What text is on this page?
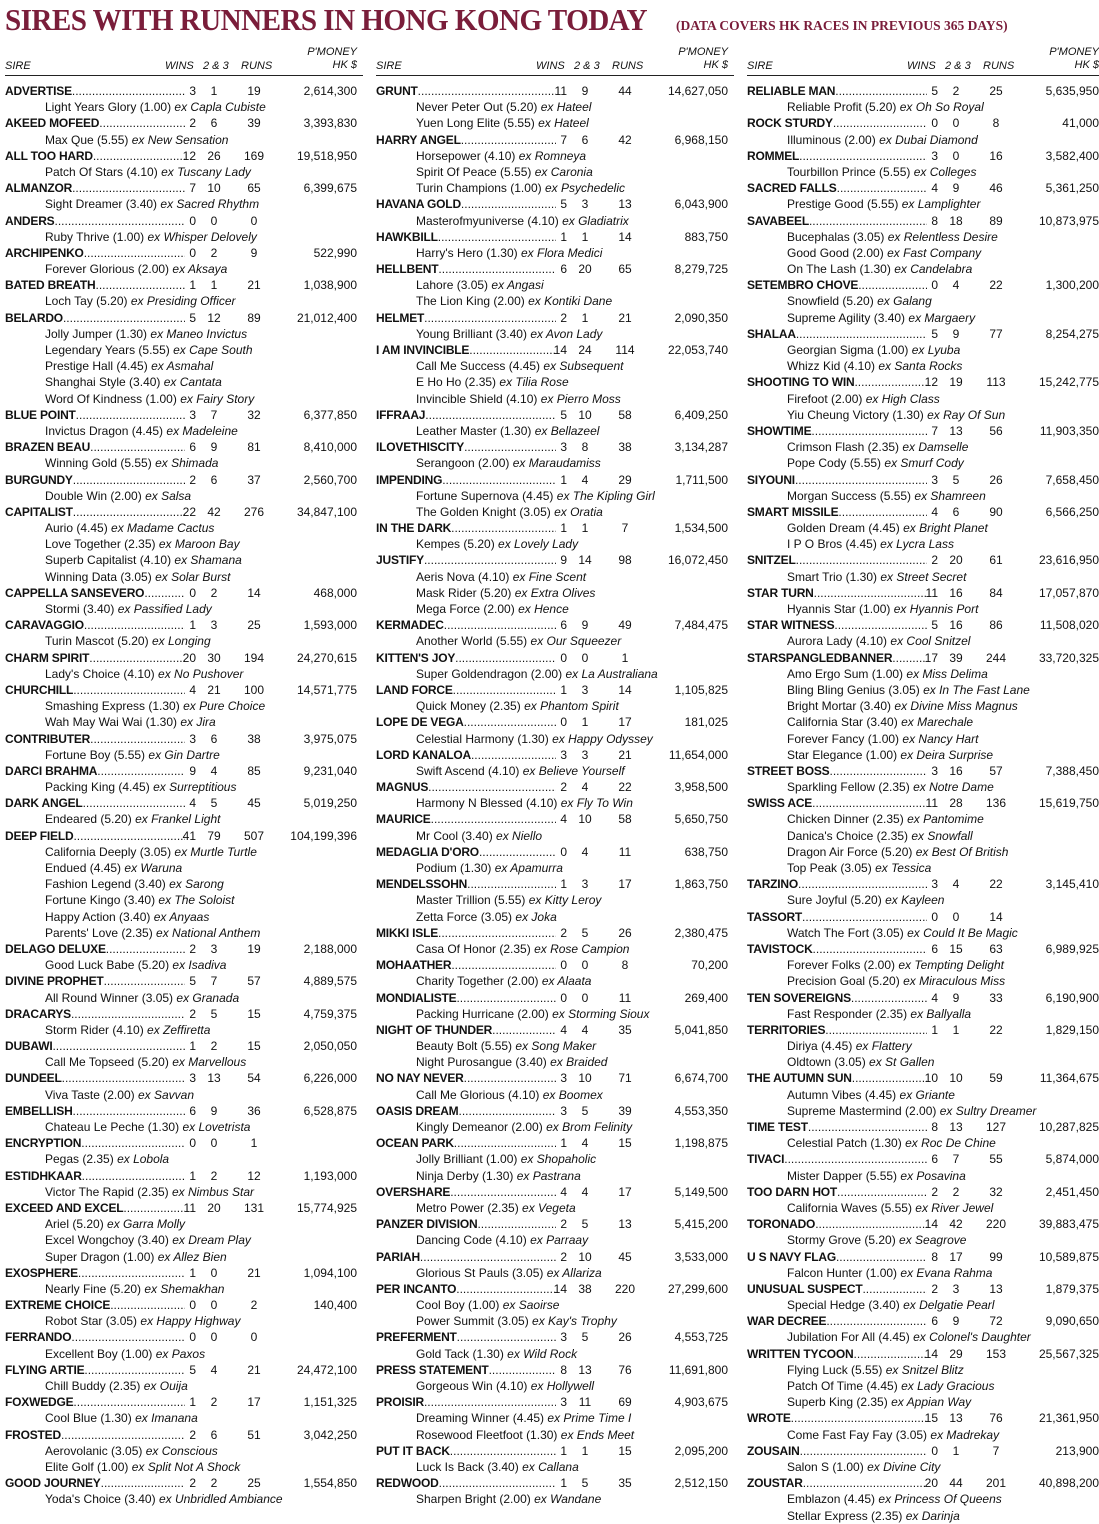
SIRES WITH RUNNERS IN HONG KONG TODAY (DATA COVERS HK RACES IN PREVIOUS 365 DAYS)
SIRE	WINS 2 & 3 RUNS
P'MONEY
HK $
ADVERTISE .....	3	1	19	2,614,300
Light Years Glory (1.00) ex Capla Cubiste
AKEED MOFEED .....	2	6	39	3,393,830
Max Que (5.55) ex New Sensation
ALL TOO HARD .....	12 26	169	19,518,950
Patch Of Stars (4.10) ex Tuscany Lady
ALMANZOR .....	7 10	65	6,399,675
Sight Dreamer (3.40) ex Sacred Rhythm
ANDERS .....	0	0	0
Ruby Thrive (1.00) ex Whisper Delovely
ARCHIPENKO .....	0	2	9	522,990
Forever Glorious (2.00) ex Aksaya
BATED BREATH .....	1	1	21	1,038,900
Loch Tay (5.20) ex Presiding Officer
BELARDO .....	5 12	89	21,012,400
Jolly Jumper (1.30) ex Maneo Invictus
Legendary Years (5.55) ex Cape South
Prestige Hall (4.45) ex Asmahal
Shanghai Style (3.40) ex Cantata
Word Of Kindness (1.00) ex Fairy Story
BLUE POINT .....	3	7	32	6,377,850
Invictus Dragon (4.45) ex Madeleine
BRAZEN BEAU .....	6	9	81	8,410,000
Winning Gold (5.55) ex Shimada
BURGUNDY .....	2	6	37	2,560,700
Double Win (2.00) ex Salsa
CAPITALIST .....	22 42	276	34,847,100
Aurio (4.45) ex Madame Cactus
Love Together (2.35) ex Maroon Bay
Superb Capitalist (4.10) ex Shamana
Winning Data (3.05) ex Solar Burst
CAPPELLA SANSEVERO .....	0	2	14	468,000
Stormi (3.40) ex Passified Lady
CARAVAGGIO .....	1	3	25	1,593,000
Turin Mascot (5.20) ex Longing
CHARM SPIRIT .....	20 30	194	24,270,615
Lady's Choice (4.10) ex No Pushover
CHURCHILL .....	4 21	100	14,571,775
Smashing Express (1.30) ex Pure Choice
Wah May Wai Wai (1.30) ex Jira
CONTRIBUTER .....	3	6	38	3,975,075
Fortune Boy (5.55) ex Gin Dartre
DARCI BRAHMA .....	9	4	85	9,231,040
Packing King (4.45) ex Surreptitious
DARK ANGEL .....	4	5	45	5,019,250
Endeared (5.20) ex Frankel Light
DEEP FIELD .....	41 79	507	104,199,396
California Deeply (3.05) ex Murtle Turtle
Endued (4.45) ex Waruna
Fashion Legend (3.40) ex Sarong
Fortune Kingo (3.40) ex The Soloist
Happy Action (3.40) ex Anyaas
Parents' Love (2.35) ex National Anthem
DELAGO DELUXE .....	2	3	19	2,188,000
Good Luck Babe (5.20) ex Isadiva
DIVINE PROPHET .....	5	7	57	4,889,575
All Round Winner (3.05) ex Granada
DRACARYS .....	2	5	15	4,759,375
Storm Rider (4.10) ex Zeffiretta
DUBAWI .....	1	2	15	2,050,050
Call Me Topseed (5.20) ex Marvellous
DUNDEEL .....	3 13	54	6,226,000
Viva Taste (2.00) ex Savvan
EMBELLISH .....	6	9	36	6,528,875
Chateau Le Peche (1.30) ex Lovetrista
ENCRYPTION .....	0	0	1
Pegas (2.35) ex Lobola
ESTIDHKAAR .....	1	2	12	1,193,000
Victor The Rapid (2.35) ex Nimbus Star
EXCEED AND EXCEL .....	11 20	131	15,774,925
Ariel (5.20) ex Garra Molly
Excel Wongchoy (3.40) ex Dream Play
Super Dragon (1.00) ex Allez Bien
EXOSPHERE .....	1	0	21	1,094,100
Nearly Fine (5.20) ex Shemakhan
EXTREME CHOICE .....	0	0	2	140,400
Robot Star (3.05) ex Happy Highway
FERRANDO .....	0	0	0
Excellent Boy (1.00) ex Paxos
FLYING ARTIE .....	5	4	21	24,472,100
Chill Buddy (2.35) ex Ouija
FOXWEDGE .....	1	2	17	1,151,325
Cool Blue (1.30) ex Imanana
FROSTED .....	2	6	51	3,042,250
Aerovolanic (3.05) ex Conscious
Elite Golf (1.00) ex Split Not A Shock
GOOD JOURNEY .....	2	2	25	1,554,850
Yoda's Choice (3.40) ex Unbridled Ambiance
SIRE	WINS 2 & 3 RUNS
P'MONEY
HK $
GRUNT .....	11	9	44	14,627,050
Never Peter Out (5.20) ex Hateel
Yuen Long Elite (5.55) ex Hateel
HARRY ANGEL .....	7	6	42	6,968,150
Horsepower (4.10) ex Romneya
Spirit Of Peace (5.55) ex Caronia
Turin Champions (1.00) ex Psychedelic
HAVANA GOLD .....	5	3	13	6,043,900
Masterofmyuniverse (4.10) ex Gladiatrix
HAWKBILL .....	1	1	14	883,750
Harry's Hero (1.30) ex Flora Medici
HELLBENT .....	6 20	65	8,279,725
Lahore (3.05) ex Angasi
The Lion King (2.00) ex Kontiki Dane
HELMET .....	2	1	21	2,090,350
Young Brilliant (3.40) ex Avon Lady
I AM INVINCIBLE .....	14 24	114	22,053,740
Call Me Success (4.45) ex Subsequent
E Ho Ho (2.35) ex Tilia Rose
Invincible Shield (4.10) ex Pierro Moss
IFFRAAJ .....	5 10	58	6,409,250
Leather Master (1.30) ex Bellazeel
ILOVETHISCITY .....	3	8	38	3,134,287
Serangoon (2.00) ex Maraudamiss
IMPENDING .....	1	4	29	1,711,500
Fortune Supernova (4.45) ex The Kipling Girl
The Golden Knight (3.05) ex Oratia
IN THE DARK .....	1	1	7	1,534,500
Kempes (5.20) ex Lovely Lady
JUSTIFY .....	9 14	98	16,072,450
Aeris Nova (4.10) ex Fine Scent
Mask Rider (5.20) ex Extra Olives
Mega Force (2.00) ex Hence
KERMADEC .....	6	9	49	7,484,475
Another World (5.55) ex Our Squeezer
KITTEN'S JOY .....	0	0	1
Super Goldendragon (2.00) ex La Australiana
LAND FORCE .....	1	3	14	1,105,825
Quick Money (2.35) ex Phantom Spirit
LOPE DE VEGA .....	0	1	17	181,025
Celestial Harmony (1.30) ex Happy Odyssey
LORD KANALOA .....	3	3	21	11,654,000
Swift Ascend (4.10) ex Believe Yourself
MAGNUS .....	2	4	22	3,958,500
Harmony N Blessed (4.10) ex Fly To Win
MAURICE .....	4 10	58	5,650,750
Mr Cool (3.40) ex Niello
MEDAGLIA D'ORO .....	0	4	11	638,750
Podium (1.30) ex Apamurra
MENDELSSOHN .....	1	3	17	1,863,750
Master Trillion (5.55) ex Kitty Leroy
Zetta Force (3.05) ex Joka
MIKKI ISLE .....	2	5	26	2,380,475
Casa Of Honor (2.35) ex Rose Campion
MOHAATHER .....	0	0	8	70,200
Charity Together (2.00) ex Alaata
MONDIALISTE .....	0	0	11	269,400
Packing Hurricane (2.00) ex Storming Sioux
NIGHT OF THUNDER .....	4	4	35	5,041,850
Beauty Bolt (5.55) ex Song Maker
Night Purosangue (3.40) ex Braided
NO NAY NEVER .....	3 10	71	6,674,700
Call Me Glorious (4.10) ex Boomex
OASIS DREAM .....	3	5	39	4,553,350
Kingly Demeanor (2.00) ex Brom Felinity
OCEAN PARK .....	1	4	15	1,198,875
Jolly Brilliant (1.00) ex Shopaholic
Ninja Derby (1.30) ex Pastrana
OVERSHARE .....	4	4	17	5,149,500
Metro Power (2.35) ex Vegeta
PANZER DIVISION .....	2	5	13	5,415,200
Dancing Code (4.10) ex Parraay
PARIAH .....	2 10	45	3,533,000
Glorious St Pauls (3.05) ex Allariza
PER INCANTO .....	14 38	220	27,299,600
Cool Boy (1.00) ex Saoirse
Power Summit (3.05) ex Kay's Trophy
PREFERMENT .....	3	5	26	4,553,725
Gold Tack (1.30) ex Wild Rock
PRESS STATEMENT .....	8 13	76	11,691,800
Gorgeous Win (4.10) ex Hollywell
PROISIR .....	3 11	69	4,903,675
Dreaming Winner (4.45) ex Prime Time I
Rosewood Fleetfoot (1.30) ex Ends Meet
PUT IT BACK .....	1	1	15	2,095,200
Luck Is Back (3.40) ex Callana
REDWOOD .....	1	5	35	2,512,150
Sharpen Bright (2.00) ex Wandane
SIRE	WINS 2 & 3 RUNS
P'MONEY
HK $
RELIABLE MAN .....	5	2	25	5,635,950
Reliable Profit (5.20) ex Oh So Royal
ROCK STURDY .....	0	0	8	41,000
Illuminous (2.00) ex Dubai Diamond
ROMMEL .....	3	0	16	3,582,400
Tourbillon Prince (5.55) ex Colleges
SACRED FALLS .....	4	9	46	5,361,250
Prestige Good (5.55) ex Lamplighter
SAVABEEL .....	8 18	89	10,873,975
Bucephalas (3.05) ex Relentless Desire
Good Good (2.00) ex Fast Company
On The Lash (1.30) ex Candelabra
SETEMBRO CHOVE .....	0	4	22	1,300,200
Snowfield (5.20) ex Galang
Supreme Agility (3.40) ex Margaery
SHALAA .....	5	9	77	8,254,275
Georgian Sigma (1.00) ex Lyuba
Whizz Kid (4.10) ex Santa Rocks
SHOOTING TO WIN .....	12 19	113	15,242,775
Firefoot (2.00) ex High Class
Yiu Cheung Victory (1.30) ex Ray Of Sun
SHOWTIME .....	7 13	56	11,903,350
Crimson Flash (2.35) ex Damselle
Pope Cody (5.55) ex Smurf Cody
SIYOUNI .....	3	5	26	7,658,450
Morgan Success (5.55) ex Shamreen
SMART MISSILE .....	4	6	90	6,566,250
Golden Dream (4.45) ex Bright Planet
I P O Bros (4.45) ex Lycra Lass
SNITZEL .....	2 20	61	23,616,950
Smart Trio (1.30) ex Street Secret
STAR TURN .....	11 16	84	17,057,870
Hyannis Star (1.00) ex Hyannis Port
STAR WITNESS .....	5 16	86	11,508,020
Aurora Lady (4.10) ex Cool Snitzel
STARSPANGLEDBANNER .....	17 39	244	33,720,325
Amo Ergo Sum (1.00) ex Miss Delima
Bling Bling Genius (3.05) ex In The Fast Lane
Bright Mortar (3.40) ex Divine Miss Magnus
California Star (3.40) ex Marechale
Forever Fancy (1.00) ex Nancy Hart
Star Elegance (1.00) ex Deira Surprise
STREET BOSS .....	3 16	57	7,388,450
Sparkling Fellow (2.35) ex Notre Dame
SWISS ACE .....	11 28	136	15,619,750
Chicken Dinner (2.35) ex Pantomime
Danica's Choice (2.35) ex Snowfall
Dragon Air Force (5.20) ex Best Of British
Top Peak (3.05) ex Tessica
TARZINO .....	3	4	22	3,145,410
Sure Joyful (5.20) ex Kayleen
TASSORT .....	0	0	14
Watch The Fort (3.05) ex Could It Be Magic
TAVISTOCK .....	6 15	63	6,989,925
Forever Folks (2.00) ex Tempting Delight
Precision Goal (5.20) ex Miraculous Miss
TEN SOVEREIGNS .....	4	9	33	6,190,900
Fast Responder (2.35) ex Ballyalla
TERRITORIES .....	1	1	22	1,829,150
Diriya (4.45) ex Flattery
Oldtown (3.05) ex St Gallen
THE AUTUMN SUN .....	10 10	59	11,364,675
Autumn Vibes (4.45) ex Griante
Supreme Mastermind (2.00) ex Sultry Dreamer
TIME TEST .....	8 13	127	10,287,825
Celestial Patch (1.30) ex Roc De Chine
TIVACI .....	6	7	55	5,874,000
Mister Dapper (5.55) ex Posavina
TOO DARN HOT .....	2	2	32	2,451,450
California Waves (5.55) ex River Jewel
TORONADO .....	14 42	220	39,883,475
Stormy Grove (5.20) ex Seagrove
U S NAVY FLAG .....	8 17	99	10,589,875
Falcon Hunter (1.00) ex Evana Rahma
UNUSUAL SUSPECT .....	2	3	13	1,879,375
Special Hedge (3.40) ex Delgatie Pearl
WAR DECREE .....	6	9	72	9,090,650
Jubilation For All (4.45) ex Colonel's Daughter
WRITTEN TYCOON .....	14 29	153	25,567,325
Flying Luck (5.55) ex Snitzel Blitz
Patch Of Time (4.45) ex Lady Gracious
Superb King (2.35) ex Appian Way
WROTE .....	15 13	76	21,361,950
Come Fast Fay Fay (3.05) ex Madrekay
ZOUSAIN .....	0	1	7	213,900
Salon S (1.00) ex Divine City
ZOUSTAR .....	20 44	201	40,898,200
Emblazon (4.45) ex Princess Of Queens
Stellar Express (2.35) ex Darinja
